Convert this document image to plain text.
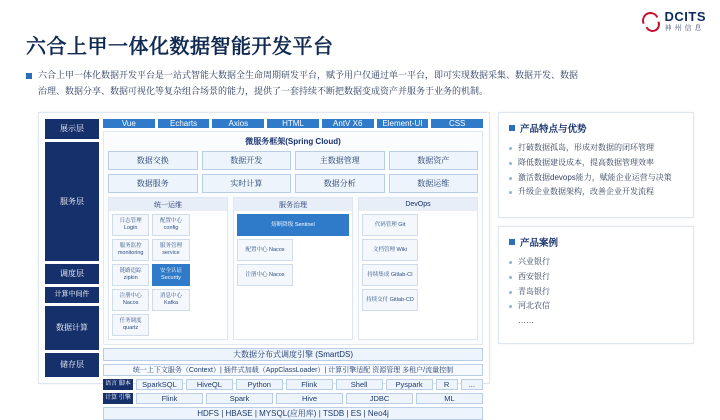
DCITS
神州信息
六合上甲一体化数据智能开发平台
六合上甲一体化数据开发平台是一站式智能大数据全生命周期研发平台，赋予用户仅通过单一平台，即可实现数据采集、数据开发、数据治理、数据分享、数据可视化等复杂组合场景的能力，提供了一套持续不断把数据变成资产并服务于业务的机制。
展示层
服务层
调度层
计算中间件
数据计算
储存层
Vue	Echarts	Axios	HTML	AntV X6	Element-UI	CSS
微服务框架(Spring Cloud)
数据交换	数据开发	主数据管理	数据资产
数据服务	实时计算	数据分析	数据运维
统一运维
日志管理 Login
配置中心 config
服务监控 monitoring
服务管理 service
链路追踪 zipkin
安全认证 Security
注册中心 Nacos
消息中心 Kafka
任务调度 quartz
服务治理
熔断降级 Sentinel
配置中心 Nacos
注册中心 Nacos
DevOps
代码管理 Git
文档管理 Wiki
持续集成 Gitlab-CI
持续交付 Gitlab-CD
大数据分布式调度引擎 (SmartDS)
统一上下文服务（Context）| 插件式加载（AppClassLoader）| 计算引擎适配 资源管理 多租户/流量控制
语言 脚本
计算 引擎
SparkSQL	HiveQL	Python	Flink	Shell	Pyspark	R	...
Flink	Spark	Hive	JDBC	ML
HDFS | HBASE | MYSQL(应用库) | TSDB | ES | Neo4j
产品特点与优势
打破数据孤岛，形成对数据的闭环管理
降低数据建设成本，提高数据管理效率
激活数据devops能力，赋能企业运营与决策
升级企业数据架构，改善企业开发流程
产品案例
兴业银行
西安银行
青岛银行
河北农信
……
